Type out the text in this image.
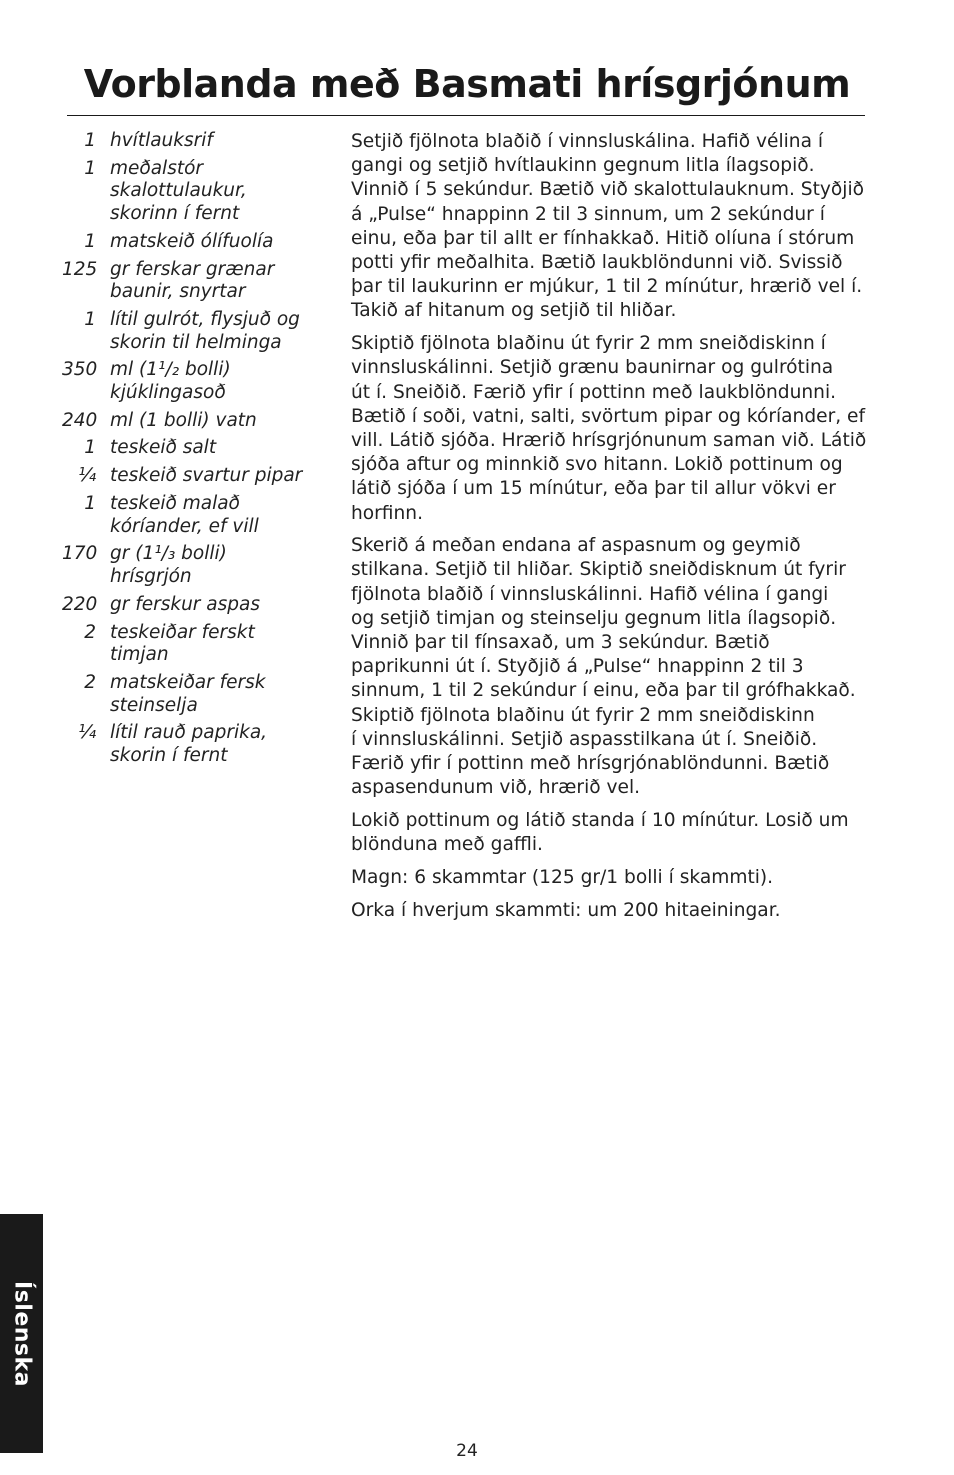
Vorblanda með Basmati hrísgrjónum
1 hvítlauksrif
1 meðalstór
skalottulaukur,
skorinn í fernt
1 matskeið ólífuolía
125 gr ferskar grænar
baunir, snyrtar
1 lítil gulrót, flysjuð og
skorin til helminga
350 ml (1¹/₂ bolli)
kjúklingasoð
240 ml (1 bolli) vatn
1 teskeið salt
¹⁄₄ teskeið svartur pipar
1 teskeið malað
kóríander, ef vill
170 gr (1¹/₃ bolli)
hrísgrjón
220 gr ferskur aspas
2 teskeiðar ferskt
timjan
2 matskeiðar fersk
steinselja
¹⁄₄ lítil rauð paprika,
skorin í fernt

Setjið fjölnota blaðið í vinnsluskálina. Hafið vélina í
gangi og setjið hvítlaukinn gegnum litla ílagsopið.
Vinnið í 5 sekúndur. Bætið við skalottulauknum. Styðjið
á „Pulse“ hnappinn 2 til 3 sinnum, um 2 sekúndur í
einu, eða þar til allt er fínhakkað. Hitið olíuna í stórum
potti yfir meðalhita. Bætið laukblöndunni við. Svissið
þar til laukurinn er mjúkur, 1 til 2 mínútur, hrærið vel í.
Takið af hitanum og setjið til hliðar.

Skiptið fjölnota blaðinu út fyrir 2 mm sneiðdiskinn í
vinnsluskálinni. Setjið grænu baunirnar og gulrótina
út í. Sneiðið. Færið yfir í pottinn með laukblöndunni.
Bætið í soði, vatni, salti, svörtum pipar og kóríander, ef
vill. Látið sjóða. Hrærið hrísgrjónunum saman við. Látið
sjóða aftur og minnkið svo hitann. Lokið pottinum og
látið sjóða í um 15 mínútur, eða þar til allur vökvi er
horfinn.

Skerið á meðan endana af aspasnum og geymið
stilkana. Setjið til hliðar. Skiptið sneiðdisknum út fyrir
fjölnota blaðið í vinnsluskálinni. Hafið vélina í gangi
og setjið timjan og steinselju gegnum litla ílagsopið.
Vinnið þar til fínsaxað, um 3 sekúndur. Bætið
paprikunni út í. Styðjið á „Pulse“ hnappinn 2 til 3
sinnum, 1 til 2 sekúndur í einu, eða þar til grófhakkað.
Skiptið fjölnota blaðinu út fyrir 2 mm sneiðdiskinn
í vinnsluskálinni. Setjið aspasstilkana út í. Sneiðið.
Færið yfir í pottinn með hrísgrjónablöndunni. Bætið
aspasendunum við, hrærið vel.

Lokið pottinum og látið standa í 10 mínútur. Losið um
blönduna með gaffli.

Magn: 6 skammtar (125 gr/1 bolli í skammti).

Orka í hverjum skammti: um 200 hitaeiningar.

Íslenska
24
